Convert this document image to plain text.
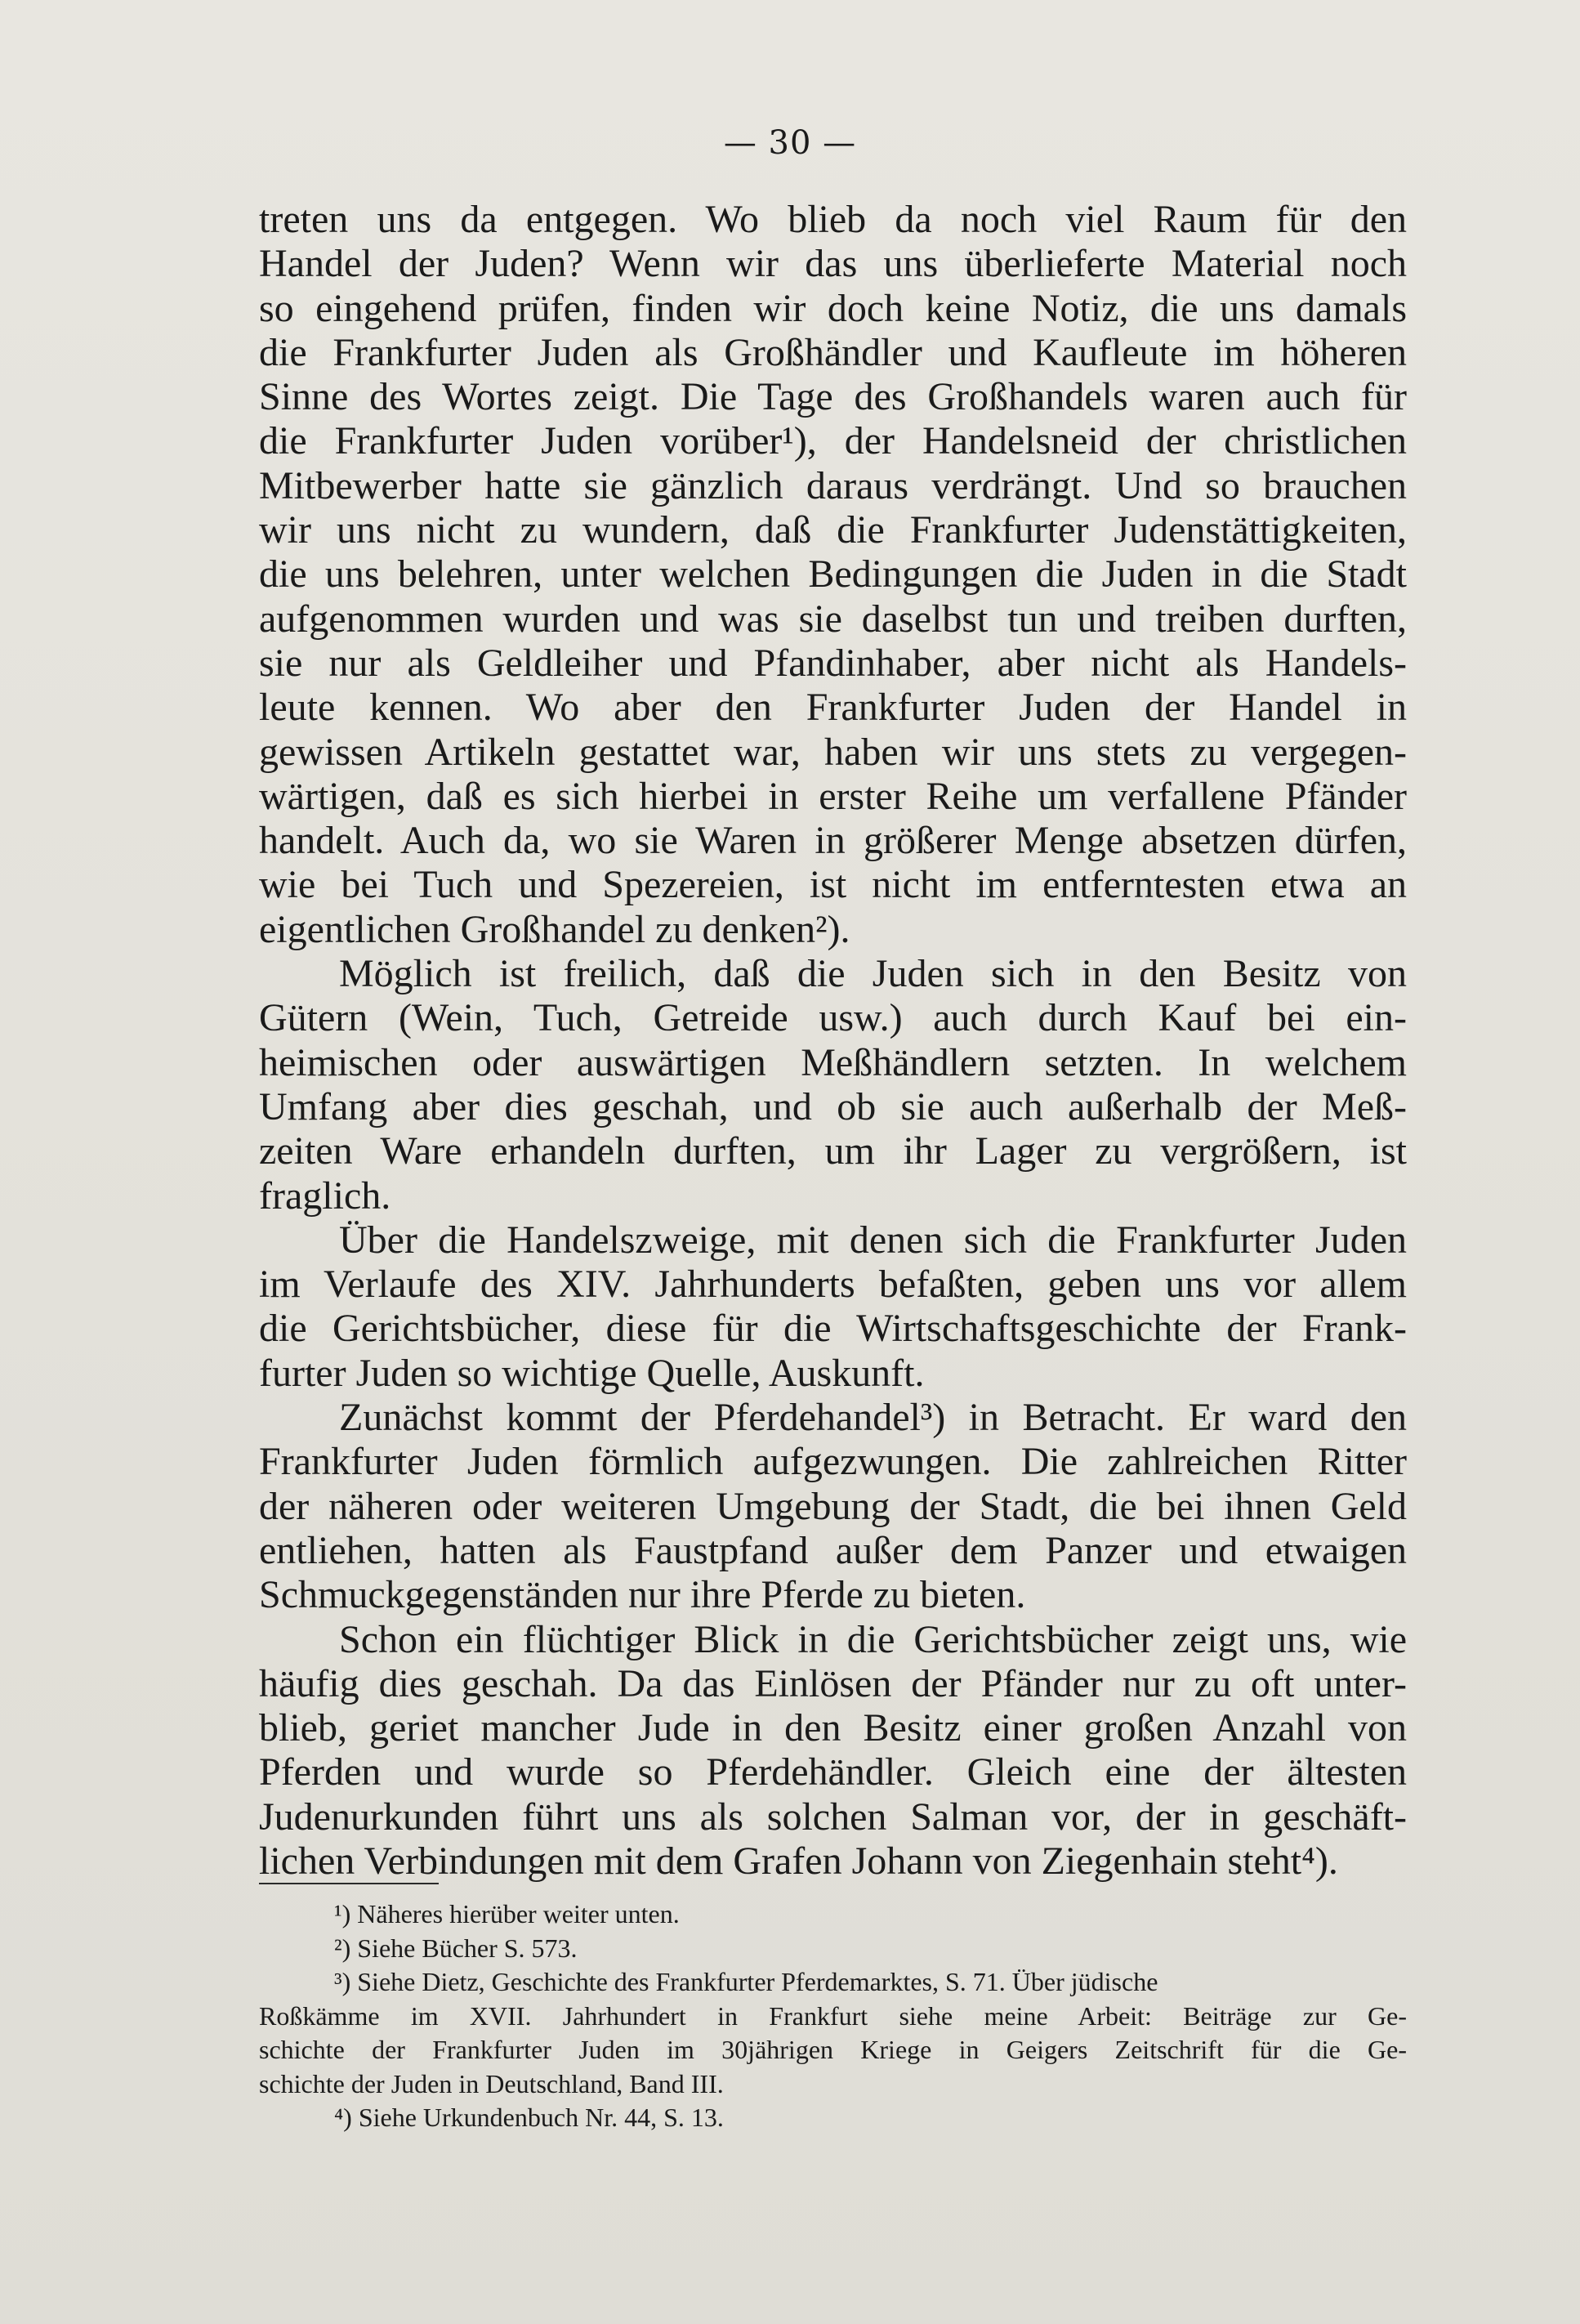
— 30 —

treten uns da entgegen. Wo blieb da noch viel Raum für den
Handel der Juden? Wenn wir das uns überlieferte Material noch
so eingehend prüfen, finden wir doch keine Notiz, die uns damals
die Frankfurter Juden als Großhändler und Kaufleute im höheren
Sinne des Wortes zeigt. Die Tage des Großhandels waren auch für
die Frankfurter Juden vorüber¹), der Handelsneid der christlichen
Mitbewerber hatte sie gänzlich daraus verdrängt. Und so brauchen
wir uns nicht zu wundern, daß die Frankfurter Judenstättigkeiten,
die uns belehren, unter welchen Bedingungen die Juden in die Stadt
aufgenommen wurden und was sie daselbst tun und treiben durften,
sie nur als Geldleiher und Pfandinhaber, aber nicht als Handels-
leute kennen. Wo aber den Frankfurter Juden der Handel in
gewissen Artikeln gestattet war, haben wir uns stets zu vergegen-
wärtigen, daß es sich hierbei in erster Reihe um verfallene Pfänder
handelt. Auch da, wo sie Waren in größerer Menge absetzen dürfen,
wie bei Tuch und Spezereien, ist nicht im entferntesten etwa an
eigentlichen Großhandel zu denken²).

Möglich ist freilich, daß die Juden sich in den Besitz von
Gütern (Wein, Tuch, Getreide usw.) auch durch Kauf bei ein-
heimischen oder auswärtigen Meßhändlern setzten. In welchem
Umfang aber dies geschah, und ob sie auch außerhalb der Meß-
zeiten Ware erhandeln durften, um ihr Lager zu vergrößern, ist
fraglich.

Über die Handelszweige, mit denen sich die Frankfurter Juden
im Verlaufe des XIV. Jahrhunderts befaßten, geben uns vor allem
die Gerichtsbücher, diese für die Wirtschaftsgeschichte der Frank-
furter Juden so wichtige Quelle, Auskunft.

Zunächst kommt der Pferdehandel³) in Betracht. Er ward den
Frankfurter Juden förmlich aufgezwungen. Die zahlreichen Ritter
der näheren oder weiteren Umgebung der Stadt, die bei ihnen Geld
entliehen, hatten als Faustpfand außer dem Panzer und etwaigen
Schmuckgegenständen nur ihre Pferde zu bieten.

Schon ein flüchtiger Blick in die Gerichtsbücher zeigt uns, wie
häufig dies geschah. Da das Einlösen der Pfänder nur zu oft unter-
blieb, geriet mancher Jude in den Besitz einer großen Anzahl von
Pferden und wurde so Pferdehändler. Gleich eine der ältesten
Judenurkunden führt uns als solchen Salman vor, der in geschäft-
lichen Verbindungen mit dem Grafen Johann von Ziegenhain steht⁴).

¹) Näheres hierüber weiter unten.
²) Siehe Bücher S. 573.
³) Siehe Dietz, Geschichte des Frankfurter Pferdemarktes, S. 71. Über jüdische
Roßkämme im XVII. Jahrhundert in Frankfurt siehe meine Arbeit: Beiträge zur Ge-
schichte der Frankfurter Juden im 30jährigen Kriege in Geigers Zeitschrift für die Ge-
schichte der Juden in Deutschland, Band III.
⁴) Siehe Urkundenbuch Nr. 44, S. 13.
